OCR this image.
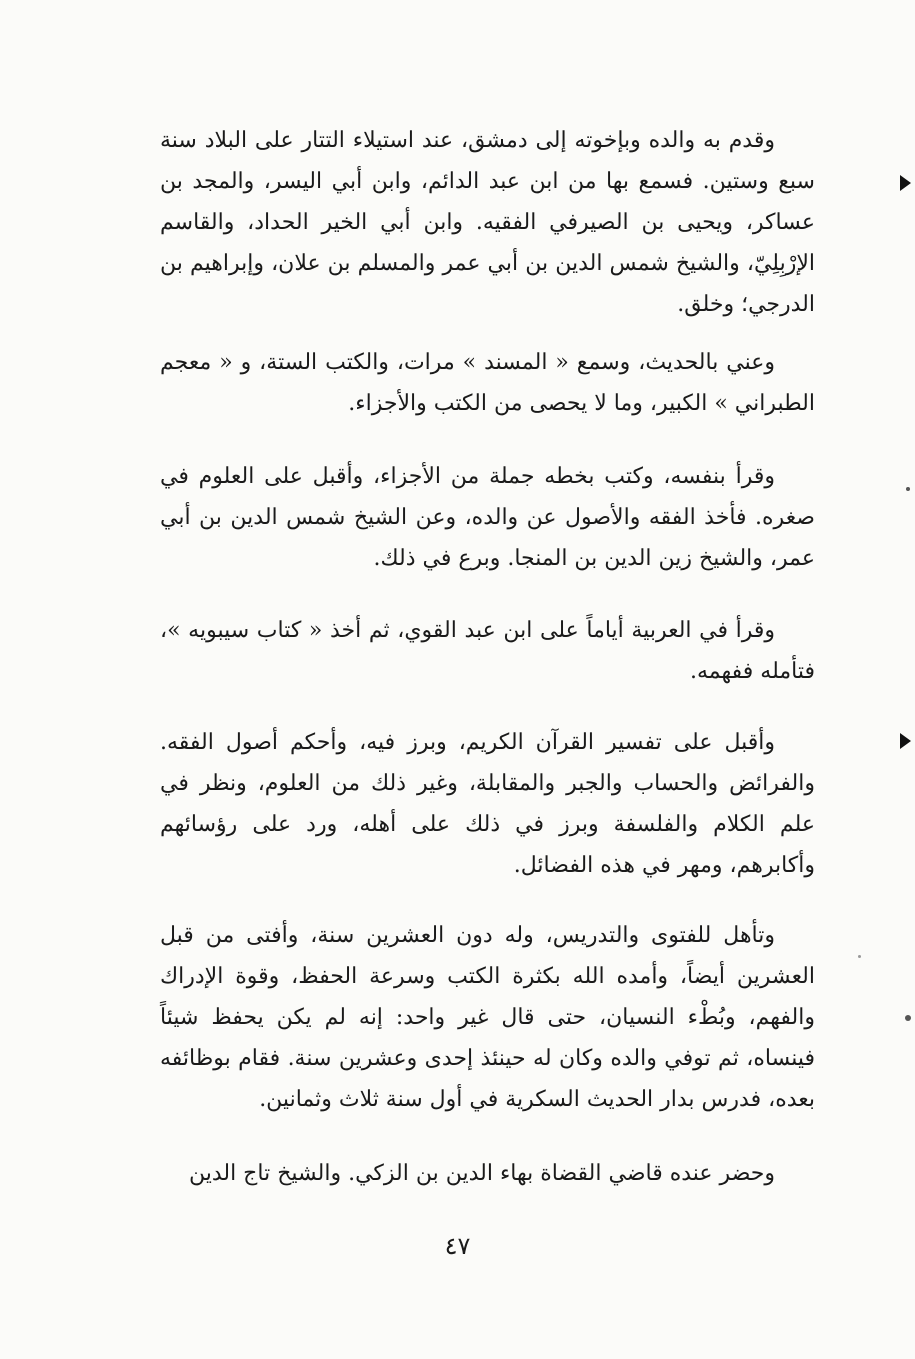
وقدم به والده وبإخوته إلى دمشق، عند استيلاء التتار على البلاد سنة سبع وستين. فسمع بها من ابن عبد الدائم، وابن أبي اليسر، والمجد بن عساكر، ويحيى بن الصيرفي الفقيه. وابن أبي الخير الحداد، والقاسم الإرْبِلِيّ، والشيخ شمس الدين بن أبي عمر والمسلم بن علان، وإبراهيم بن الدرجي؛ وخلق.

وعني بالحديث، وسمع « المسند » مرات، والكتب الستة، و « معجم الطبراني » الكبير، وما لا يحصى من الكتب والأجزاء.

وقرأ بنفسه، وكتب بخطه جملة من الأجزاء، وأقبل على العلوم في صغره. فأخذ الفقه والأصول عن والده، وعن الشيخ شمس الدين بن أبي عمر، والشيخ زين الدين بن المنجا. وبرع في ذلك.

وقرأ في العربية أياماً على ابن عبد القوي، ثم أخذ « كتاب سيبويه »، فتأمله ففهمه.

وأقبل على تفسير القرآن الكريم، وبرز فيه، وأحكم أصول الفقه. والفرائض والحساب والجبر والمقابلة، وغير ذلك من العلوم، ونظر في علم الكلام والفلسفة وبرز في ذلك على أهله، ورد على رؤسائهم وأكابرهم، ومهر في هذه الفضائل.

وتأهل للفتوى والتدريس، وله دون العشرين سنة، وأفتى من قبل العشرين أيضاً، وأمده الله بكثرة الكتب وسرعة الحفظ، وقوة الإدراك والفهم، وبُطْء النسيان، حتى قال غير واحد: إنه لم يكن يحفظ شيئاً فينساه، ثم توفي والده وكان له حينئذ إحدى وعشرين سنة. فقام بوظائفه بعده، فدرس بدار الحديث السكرية في أول سنة ثلاث وثمانين.

وحضر عنده قاضي القضاة بهاء الدين بن الزكي. والشيخ تاج الدين

٤٧
